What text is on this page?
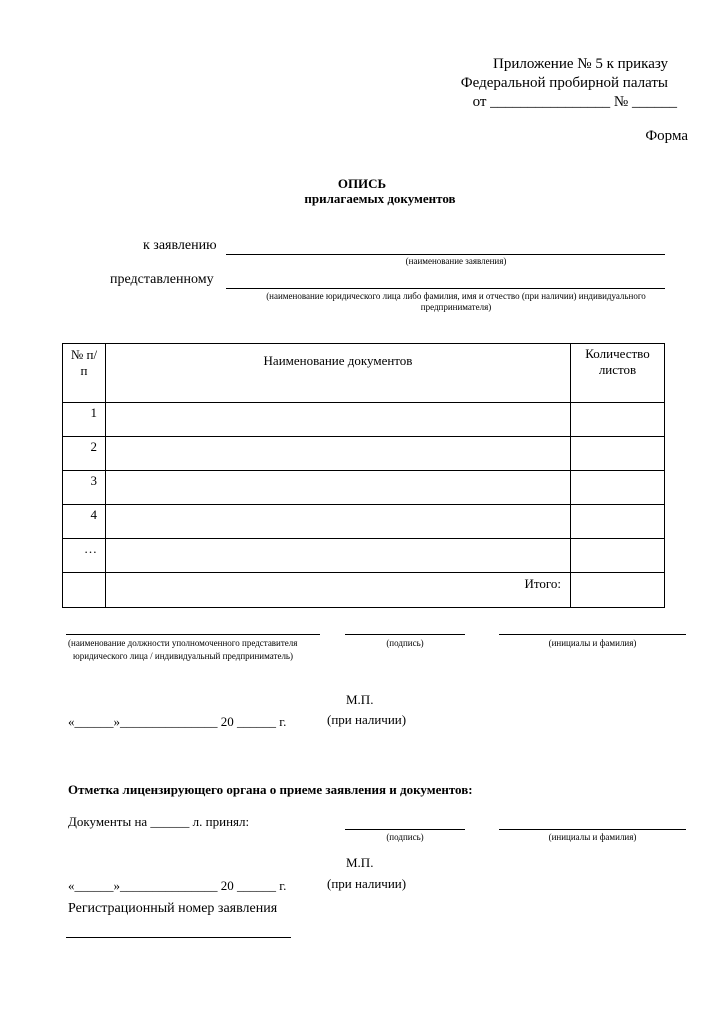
Приложение № 5 к приказу
Федеральной пробирной палаты
от ________________ № ______
Форма
ОПИСЬ
прилагаемых документов
к заявлению
(наименование заявления)
представленному
(наименование юридического лица либо фамилия, имя и отчество (при наличии) индивидуального
предпринимателя)
№ п/п	Наименование документов	Количество листов
1		
2		
3		
4		
…		
	Итого:	
(наименование должности уполномоченного представителя
юридического лица / индивидуальный предприниматель)
(подпись)	(инициалы и фамилия)
М.П.
(при наличии)
«______»_______________ 20 ______ г.
Отметка лицензирующего органа о приеме заявления и документов:
Документы на ______ л. принял:
(подпись)	(инициалы и фамилия)
М.П.
(при наличии)
«______»_______________ 20 ______ г.
Регистрационный номер заявления
